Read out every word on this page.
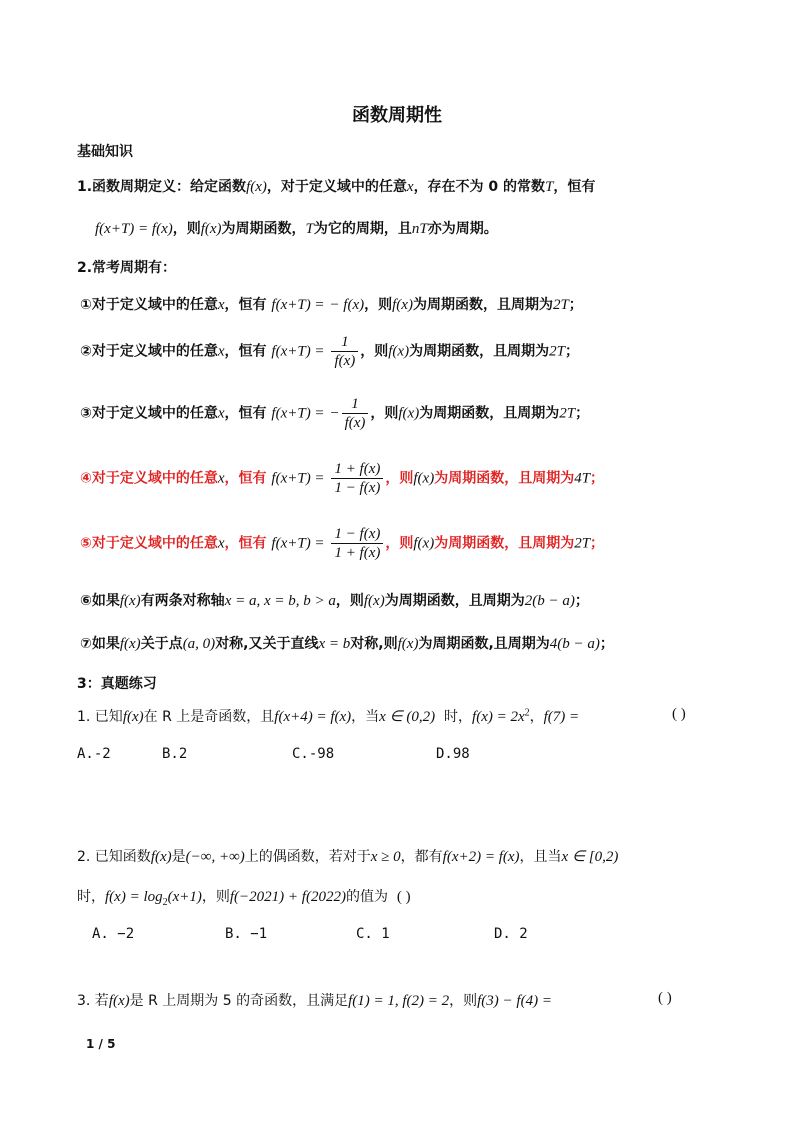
函数周期性
基础知识
1.函数周期定义：给定函数f(x)，对于定义域中的任意x，存在不为 0 的常数T，恒有
f(x+T) = f(x)，则f(x)为周期函数，T为它的周期，且nT亦为周期。
2.常考周期有：
①对于定义域中的任意x，恒有 f(x+T) = − f(x)，则f(x)为周期函数，且周期为2T；
②对于定义域中的任意x，恒有 $f(x+T) = \frac{1}{f(x)}$ ，则f(x)为周期函数，且周期为2T；
③对于定义域中的任意x，恒有 f(x+T) = − $\frac{1}{f(x)}$ ，则f(x)为周期函数，且周期为2T；
④对于定义域中的任意x，恒有 $f(x+T) = \frac{1 + f(x)}{1 - f(x)}$ ，则f(x)为周期函数，且周期为4T；
⑤对于定义域中的任意x，恒有 $f(x+T) = \frac{1 - f(x)}{1 + f(x)}$ ，则f(x)为周期函数，且周期为2T；
⑥如果f(x)有两条对称轴x = a, x = b, b > a，则f(x)为周期函数，且周期为2(b − a)；
⑦如果f(x)关于点(a, 0)对称,又关于直线x = b对称,则f(x)为周期函数,且周期为4(b − a)；
3：真题练习
1. 已知f(x)在 R 上是奇函数，且f(x+4) = f(x)，当x ∈ (0,2) 时，$f(x) = 2x^2$，f(7) =	( )
A.-2	B.2	C.-98	D.98
2. 已知函数f(x)是(−∞, +∞)上的偶函数，若对于x ≥ 0，都有f(x+2) = f(x)，且当x ∈ [0,2)
时，$f(x) = \log_2(x+1)$，则f(−2021) + f(2022)的值为 ( )
A. −2	B. −1	C. 1	D. 2
3. 若f(x)是 R 上周期为 5 的奇函数，且满足f(1) = 1, f(2) = 2，则f(3) − f(4) =	( )
1 / 5
